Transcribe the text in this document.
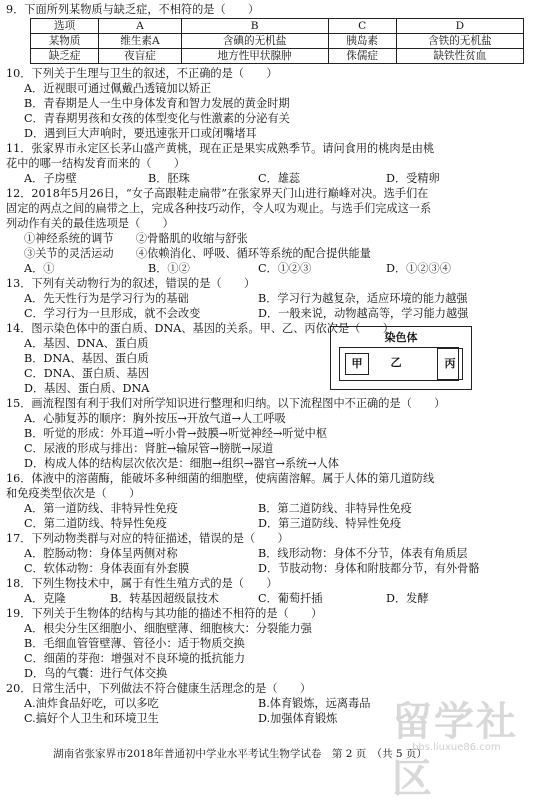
9．下面所列某物质与缺乏症，不相符的是（　　）
选项	A	B	C	D
某物质	维生素A	含碘的无机盐	胰岛素	含铁的无机盐
缺乏症	夜盲症	地方性甲状腺肿	侏儒症	缺铁性贫血
10．下列关于生理与卫生的叙述，不正确的是（　　）
A．近视眼可通过佩戴凸透镜加以矫正
B．青春期是人一生中身体发育和智力发展的黄金时期
C．青春期男孩和女孩的体型变化与性激素的分泌有关
D．遇到巨大声响时，要迅速张开口或闭嘴堵耳
11．张家界市永定区长茅山盛产黄桃，现在正是果实成熟季节。请问食用的桃肉是由桃
花中的哪一结构发育而来的（　　）
A．子房壁	B．胚珠	C．雄蕊	D．受精卵
12．2018年5月26日，“女子高跟鞋走扁带”在张家界天门山进行巅峰对决。选手们在
固定的两点之间的扁带之上，完成各种技巧动作，令人叹为观止。与选手们完成这一系
列动作有关的最佳选项是（　　）
①神经系统的调节　　②骨骼肌的收缩与舒张
③关节的灵活运动　　④依赖消化、呼吸、循环等系统的配合提供能量
A．①	B．①②	C．①②③	D．①②③④
13．下列有关动物行为的叙述，错误的是（　　）
A．先天性行为是学习行为的基础	B．学习行为越复杂，适应环境的能力越强
C．学习行为一旦形成，就不会改变	D．一般来说，动物越高等，学习能力越强
14．图示染色体中的蛋白质、DNA、基因的关系。甲、乙、丙依次是（　　）
A．基因、DNA、蛋白质
B．DNA、基因、蛋白质
C．DNA、蛋白质、基因
D．基因、蛋白质、DNA
染色体
甲	乙	丙
15．画流程图有利于我们对所学知识进行整理和归纳。以下流程图中不正确的是（　　）
A．心肺复苏的顺序：胸外按压→开放气道→人工呼吸
B．听觉的形成：外耳道→听小骨→鼓膜→听觉神经→听觉中枢
C．尿液的形成与排出：肾脏→输尿管→膀胱→尿道
D．构成人体的结构层次依次是：细胞→组织→器官→系统→人体
16．体液中的溶菌酶，能破坏多种细菌的细胞壁，使病菌溶解。属于人体的第几道防线
和免疫类型依次是（　　）
A．第一道防线、非特异性免疫	B．第二道防线、非特异性免疫
C．第二道防线、特异性免疫	D．第三道防线、特异性免疫
17．下列动物类群与对应的特征描述，错误的是（　　）
A．腔肠动物：身体呈两侧对称	B．线形动物：身体不分节，体表有角质层
C．软体动物：身体表面有外套膜	D．节肢动物：身体和附肢都分节，有外骨骼
18．下列生物技术中，属于有性生殖方式的是（　　）
A．克隆	B．转基因超级鼠技术	C．葡萄扦插	D．发酵
19．下列关于生物体的结构与其功能的描述不相符的是（　　）
A．根尖分生区细胞小、细胞壁薄、细胞核大：分裂能力强
B．毛细血管管壁薄、管径小：适于物质交换
C．细菌的芽孢：增强对不良环境的抵抗能力
D．鸟的气囊：进行气体交换
20．日常生活中，下列做法不符合健康生活理念的是（　　）
A.油炸食品好吃，可以多吃	B.体育锻炼，远离毒品
C.搞好个人卫生和环境卫生	D.加强体育锻炼
湖南省张家界市2018年普通初中学业水平考试生物学试卷　第 2 页　（共 5 页）
留学社区
bbs.liuxue86.com
